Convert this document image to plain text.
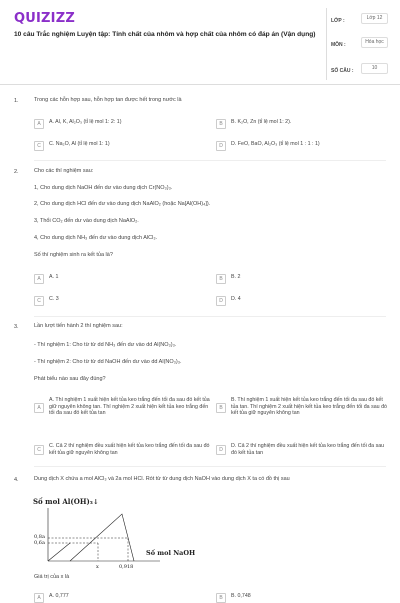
QUIZIZZ
10 câu Trắc nghiệm Luyện tập: Tính chất của nhôm và hợp chất của nhôm có đáp án (Vận dụng)
LỚP :	Lớp 12
MÔN :	Hóa học
SỐ CÂU :	10
1.	Trong các hỗn hợp sau, hỗn hợp tan được hết trong nước là
A	A. Al, K, Al₂O₃ (tỉ lệ mol 1: 2: 1)	B	B. K₂O, Zn (tỉ lệ mol 1: 2).
C	C. Na₂O, Al (tỉ lệ mol 1: 1)	D	D. FeO, BaO, Al₂O₃ (tỉ lệ mol 1 : 1 : 1)
2.	Cho các thí nghiệm sau:
1, Cho dung dịch NaOH đến dư vào dung dịch Cr(NO₃)₃.
2, Cho dung dịch HCl đến dư vào dung dịch NaAlO₂ (hoặc Na[Al(OH)₄]).
3, Thổi CO₂ đến dư vào dung dịch NaAlO₂.
4, Cho dung dịch NH₃ đến dư vào dung dịch AlCl₃.
Số thí nghiệm sinh ra kết tủa là?
A	A. 1	B	B. 2
C	C. 3	D	D. 4
3.	Lần lượt tiến hành 2 thí nghiệm sau:
- Thí nghiệm 1: Cho từ từ dd NH₃ đến dư vào dd Al(NO₃)₃.
- Thí nghiệm 2: Cho từ từ dd NaOH đến dư vào dd Al(NO₃)₃.
Phát biểu nào sau đây đúng?
A
A. Thí nghiệm 1 xuất hiện kết tủa keo trắng đến tối đa sau đó kết tủa giữ nguyên không tan. Thí nghiệm 2 xuất hiện kết tủa keo trắng đến tối đa sau đó kết tủa tan
B
B. Thí nghiệm 1 xuất hiện kết tủa keo trắng đến tối đa sau đó kết tủa tan. Thí nghiệm 2 xuất hiện kết tủa keo trắng đến tối đa sau đó kết tủa giữ nguyên không tan
C
C. Cả 2 thí nghiệm đều xuất hiện kết tủa keo trắng đến tối đa sau đó kết tủa giữ nguyên không tan	D
D. Cả 2 thí nghiệm đều xuất hiện kết tủa keo trắng đến tối đa sau đó kết tủa tan
4.	Dung dịch X chứa a mol AlCl₃ và 2a mol HCl. Rót từ từ dung dịch NaOH vào dung dịch X ta có đồ thị sau
Số mol Al(OH)₃↓
0,8a
0,6a
x	0,918
Số mol NaOH
Giá trị của x là
A	A. 0,777	B	B. 0,748
